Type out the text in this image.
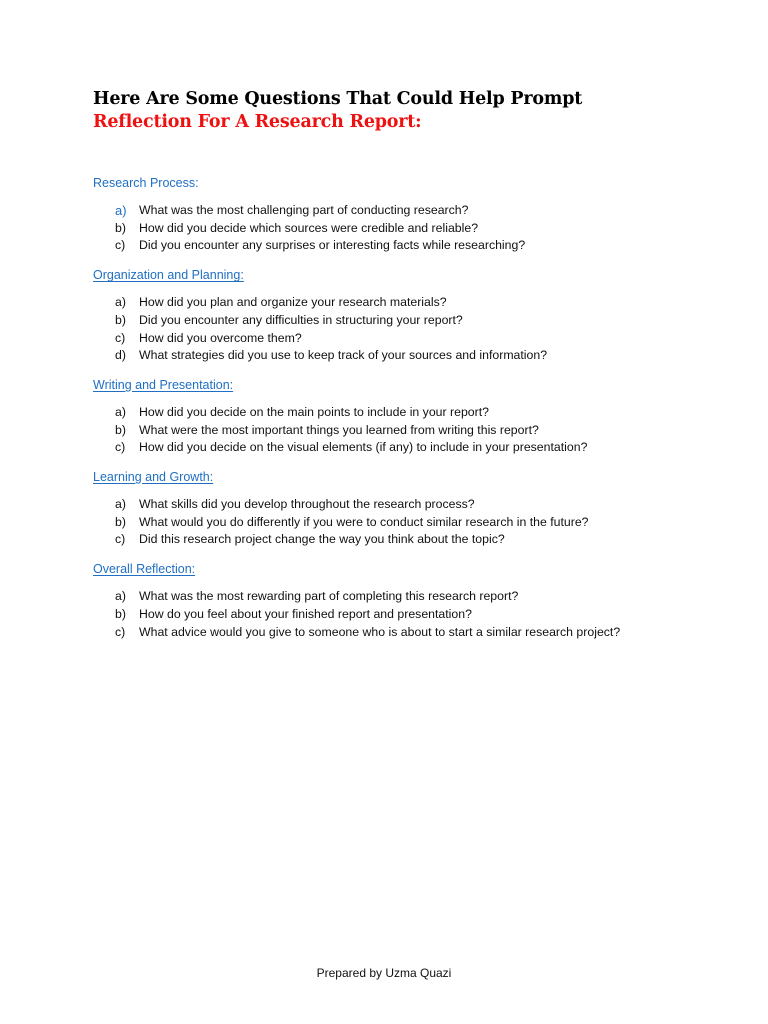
Here Are Some Questions That Could Help Prompt
Reflection For A Research Report:
Research Process:
a) What was the most challenging part of conducting research?
b) How did you decide which sources were credible and reliable?
c) Did you encounter any surprises or interesting facts while researching?
Organization and Planning:
a) How did you plan and organize your research materials?
b) Did you encounter any difficulties in structuring your report?
c) How did you overcome them?
d) What strategies did you use to keep track of your sources and information?
Writing and Presentation:
a) How did you decide on the main points to include in your report?
b) What were the most important things you learned from writing this report?
c) How did you decide on the visual elements (if any) to include in your presentation?
Learning and Growth:
a) What skills did you develop throughout the research process?
b) What would you do differently if you were to conduct similar research in the future?
c) Did this research project change the way you think about the topic?
Overall Reflection:
a) What was the most rewarding part of completing this research report?
b) How do you feel about your finished report and presentation?
c) What advice would you give to someone who is about to start a similar research project?
Prepared by Uzma Quazi
